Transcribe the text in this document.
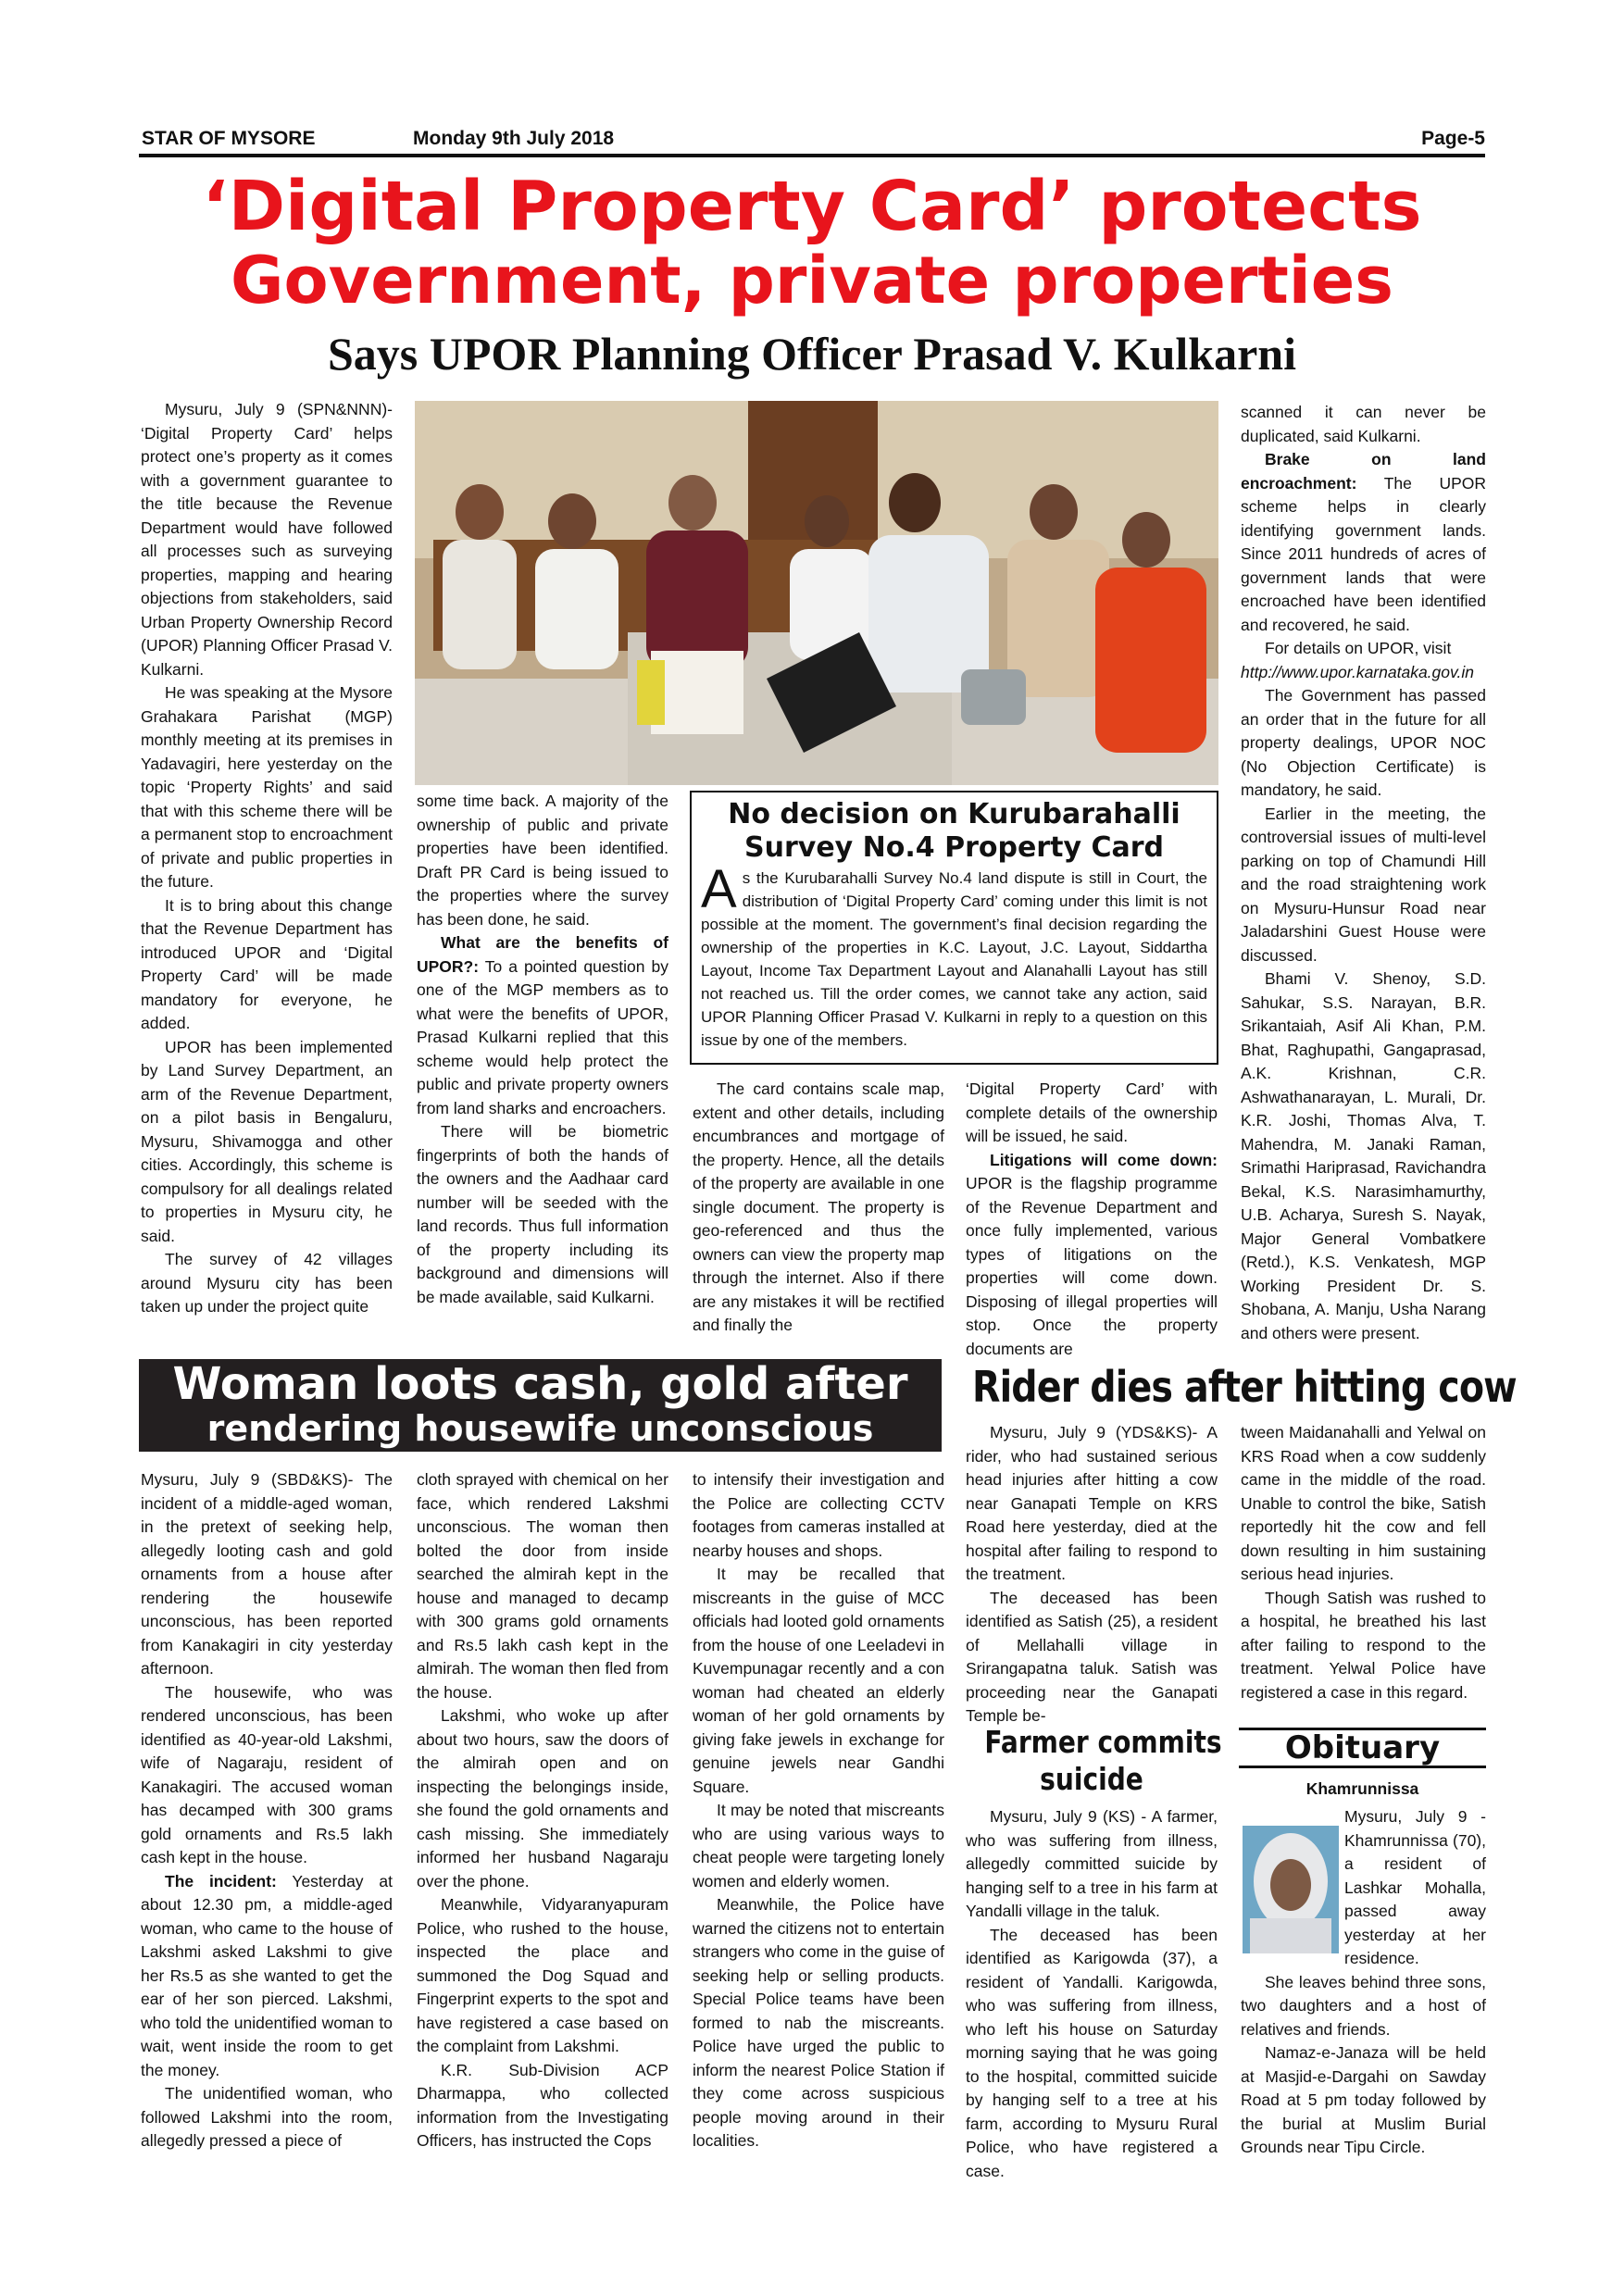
STAR OF MYSORE	Monday 9th July 2018	Page-5
‘Digital Property Card’ protects
Government, private properties
Says UPOR Planning Officer Prasad V. Kulkarni

Mysuru, July 9 (SPN&NNN)- ‘Digital Property Card’ helps protect one’s property as it comes with a government guarantee to the title because the Revenue Department would have followed all processes such as surveying properties, mapping and hearing objections from stakeholders, said Urban Property Ownership Record (UPOR) Planning Officer Prasad V. Kulkarni.

He was speaking at the Mysore Grahakara Parishat (MGP) monthly meeting at its premises in Yadavagiri, here yesterday on the topic ‘Property Rights’ and said that with this scheme there will be a permanent stop to encroachment of private and public properties in the future.

It is to bring about this change that the Revenue Department has introduced UPOR and ‘Digital Property Card’ will be made mandatory for everyone, he added.

UPOR has been implemented by Land Survey Department, an arm of the Revenue Department, on a pilot basis in Bengaluru, Mysuru, Shivamogga and other cities. Accordingly, this scheme is compulsory for all dealings related to properties in Mysuru city, he said.

The survey of 42 villages around Mysuru city has been taken up under the project quite

some time back. A majority of the ownership of public and private properties have been identified. Draft PR Card is being issued to the properties where the survey has been done, he said.

What are the benefits of UPOR?: To a pointed question by one of the MGP members as to what were the benefits of UPOR, Prasad Kulkarni replied that this scheme would help protect the public and private property owners from land sharks and encroachers.

There will be biometric fingerprints of both the hands of the owners and the Aadhaar card number will be seeded with the land records. Thus full information of the property including its background and dimensions will be made available, said Kulkarni.

No decision on Kurubarahalli
Survey No.4 Property Card
As the Kurubarahalli Survey No.4 land dispute is still in Court, the distribution of ‘Digital Property Card’ coming under this limit is not possible at the moment. The government’s final decision regarding the ownership of the properties in K.C. Layout, J.C. Layout, Siddartha Layout, Income Tax Department Layout and Alanahalli Layout has still not reached us. Till the order comes, we cannot take any action, said UPOR Planning Officer Prasad V. Kulkarni in reply to a question on this issue by one of the members.

The card contains scale map, extent and other details, including encumbrances and mortgage of the property. Hence, all the details of the property are available in one single document. The property is geo-referenced and thus the owners can view the property map through the internet. Also if there are any mistakes it will be rectified and finally the

‘Digital Property Card’ with complete details of the ownership will be issued, he said.

Litigations will come down: UPOR is the flagship programme of the Revenue Department and once fully implemented, various types of litigations on the properties will come down. Disposing of illegal properties will stop. Once the property documents are

scanned it can never be duplicated, said Kulkarni.

Brake on land encroachment: The UPOR scheme helps in clearly identifying government lands. Since 2011 hundreds of acres of government lands that were encroached have been identified and recovered, he said.

For details on UPOR, visit

http://www.upor.karnataka.gov.in

The Government has passed an order that in the future for all property dealings, UPOR NOC (No Objection Certificate) is mandatory, he said.

Earlier in the meeting, the controversial issues of multi-level parking on top of Chamundi Hill and the road straightening work on Mysuru-Hunsur Road near Jaladarshini Guest House were discussed.

Bhami V. Shenoy, S.D. Sahukar, S.S. Narayan, B.R. Srikantaiah, Asif Ali Khan, P.M. Bhat, Raghupathi, Gangaprasad, A.K. Krishnan, C.R. Ashwathanarayan, L. Murali, Dr. K.R. Joshi, Thomas Alva, T. Mahendra, M. Janaki Raman, Srimathi Hariprasad, Ravichandra Bekal, K.S. Narasimhamurthy, U.B. Acharya, Suresh S. Nayak, Major General Vombatkere (Retd.), K.S. Venkatesh, MGP Working President Dr. S. Shobana, A. Manju, Usha Narang and others were present.

Woman loots cash, gold after
rendering housewife unconscious

Mysuru, July 9 (SBD&KS)- The incident of a middle-aged woman, in the pretext of seeking help, allegedly looting cash and gold ornaments from a house after rendering the housewife unconscious, has been reported from Kanakagiri in city yesterday afternoon.

The housewife, who was rendered unconscious, has been identified as 40-year-old Lakshmi, wife of Nagaraju, resident of Kanakagiri. The accused woman has decamped with 300 grams gold ornaments and Rs.5 lakh cash kept in the house.

The incident: Yesterday at about 12.30 pm, a middle-aged woman, who came to the house of Lakshmi asked Lakshmi to give her Rs.5 as she wanted to get the ear of her son pierced. Lakshmi, who told the unidentified woman to wait, went inside the room to get the money.

The unidentified woman, who followed Lakshmi into the room, allegedly pressed a piece of

cloth sprayed with chemical on her face, which rendered Lakshmi unconscious. The woman then bolted the door from inside searched the almirah kept in the house and managed to decamp with 300 grams gold ornaments and Rs.5 lakh cash kept in the almirah. The woman then fled from the house.

Lakshmi, who woke up after about two hours, saw the doors of the almirah open and on inspecting the belongings inside, she found the gold ornaments and cash missing. She immediately informed her husband Nagaraju over the phone.

Meanwhile, Vidyaranyapuram Police, who rushed to the house, inspected the place and summoned the Dog Squad and Fingerprint experts to the spot and have registered a case based on the complaint from Lakshmi.

K.R. Sub-Division ACP Dharmappa, who collected information from the Investigating Officers, has instructed the Cops

to intensify their investigation and the Police are collecting CCTV footages from cameras installed at nearby houses and shops.

It may be recalled that miscreants in the guise of MCC officials had looted gold ornaments from the house of one Leeladevi in Kuvempunagar recently and a con woman had cheated an elderly woman of her gold ornaments by giving fake jewels in exchange for genuine jewels near Gandhi Square.

It may be noted that miscreants who are using various ways to cheat people were targeting lonely women and elderly women.

Meanwhile, the Police have warned the citizens not to entertain strangers who come in the guise of seeking help or selling products. Special Police teams have been formed to nab the miscreants. Police have urged the public to inform the nearest Police Station if they come across suspicious people moving around in their localities.

Rider dies after hitting cow

Mysuru, July 9 (YDS&KS)- A rider, who had sustained serious head injuries after hitting a cow near Ganapati Temple on KRS Road here yesterday, died at the hospital after failing to respond to the treatment.

The deceased has been identified as Satish (25), a resident of Mellahalli village in Srirangapatna taluk. Satish was proceeding near the Ganapati Temple be-

tween Maidanahalli and Yelwal on KRS Road when a cow suddenly came in the middle of the road. Unable to control the bike, Satish reportedly hit the cow and fell down resulting in him sustaining serious head injuries.

Though Satish was rushed to a hospital, he breathed his last after failing to respond to the treatment. Yelwal Police have registered a case in this regard.

Farmer commits
suicide

Mysuru, July 9 (KS) - A farmer, who was suffering from illness, allegedly committed suicide by hanging self to a tree in his farm at Yandalli village in the taluk.

The deceased has been identified as Karigowda (37), a resident of Yandalli. Karigowda, who was suffering from illness, who left his house on Saturday morning saying that he was going to the hospital, committed suicide by hanging self to a tree at his farm, according to Mysuru Rural Police, who have registered a case.

Obituary
Khamrunnissa

Mysuru, July 9 - Khamrunnissa (70), a resident of Lashkar Mohalla, passed away yesterday at her residence.

She leaves behind three sons, two daughters and a host of relatives and friends.

Namaz-e-Janaza will be held at Masjid-e-Dargahi on Sawday Road at 5 pm today followed by the burial at Muslim Burial Grounds near Tipu Circle.
